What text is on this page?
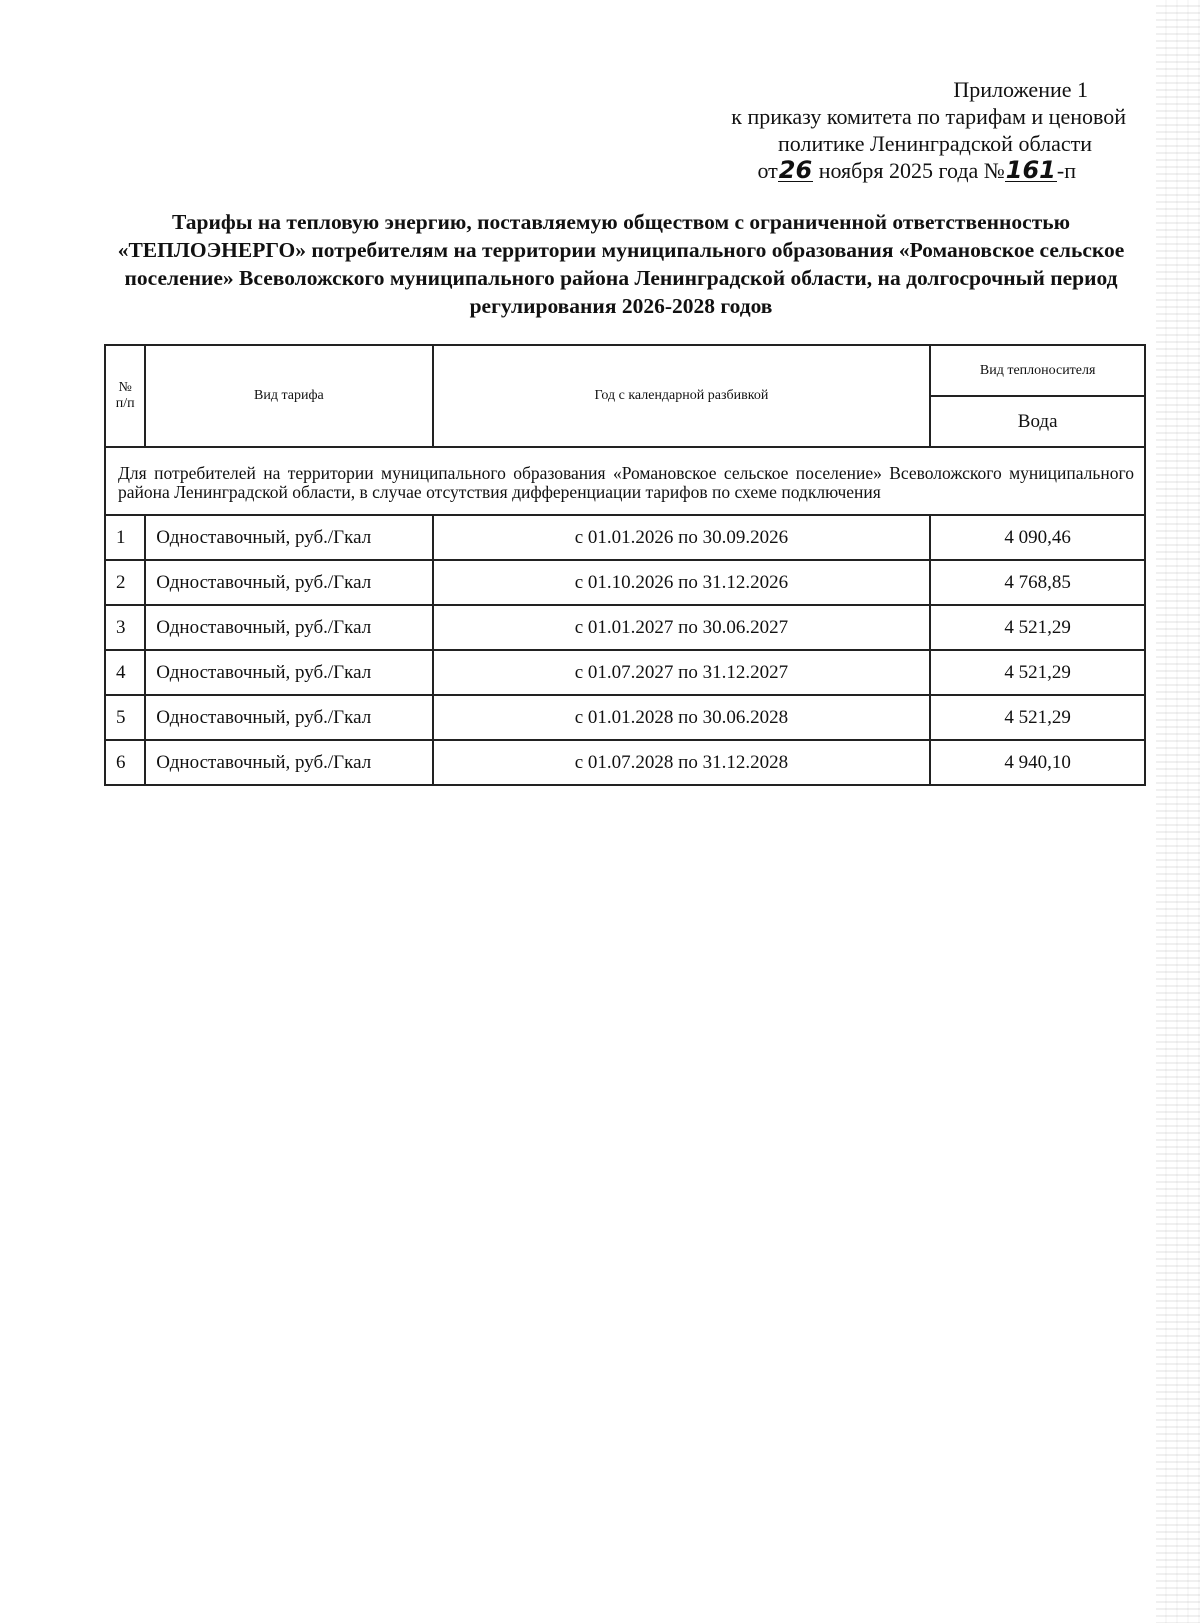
Приложение 1
к приказу комитета по тарифам и ценовой
политике Ленинградской области
от26 ноября 2025 года №161-п
Тарифы на тепловую энергию, поставляемую обществом с ограниченной ответственностью «ТЕПЛОЭНЕРГО» потребителям на территории муниципального образования «Романовское сельское поселение» Всеволожского муниципального района Ленинградской области, на долгосрочный период регулирования 2026-2028 годов
№
п/п	Вид тарифа	Год с календарной разбивкой	Вид теплоносителя
			Вода
Для потребителей на территории муниципального образования «Романовское сельское поселение» Всеволожского муниципального района Ленинградской области, в случае отсутствия дифференциации тарифов по схеме подключения			
1	Одноставочный, руб./Гкал	с 01.01.2026 по 30.09.2026	4 090,46
2	Одноставочный, руб./Гкал	с 01.10.2026 по 31.12.2026	4 768,85
3	Одноставочный, руб./Гкал	с 01.01.2027 по 30.06.2027	4 521,29
4	Одноставочный, руб./Гкал	с 01.07.2027 по 31.12.2027	4 521,29
5	Одноставочный, руб./Гкал	с 01.01.2028 по 30.06.2028	4 521,29
6	Одноставочный, руб./Гкал	с 01.07.2028 по 31.12.2028	4 940,10
